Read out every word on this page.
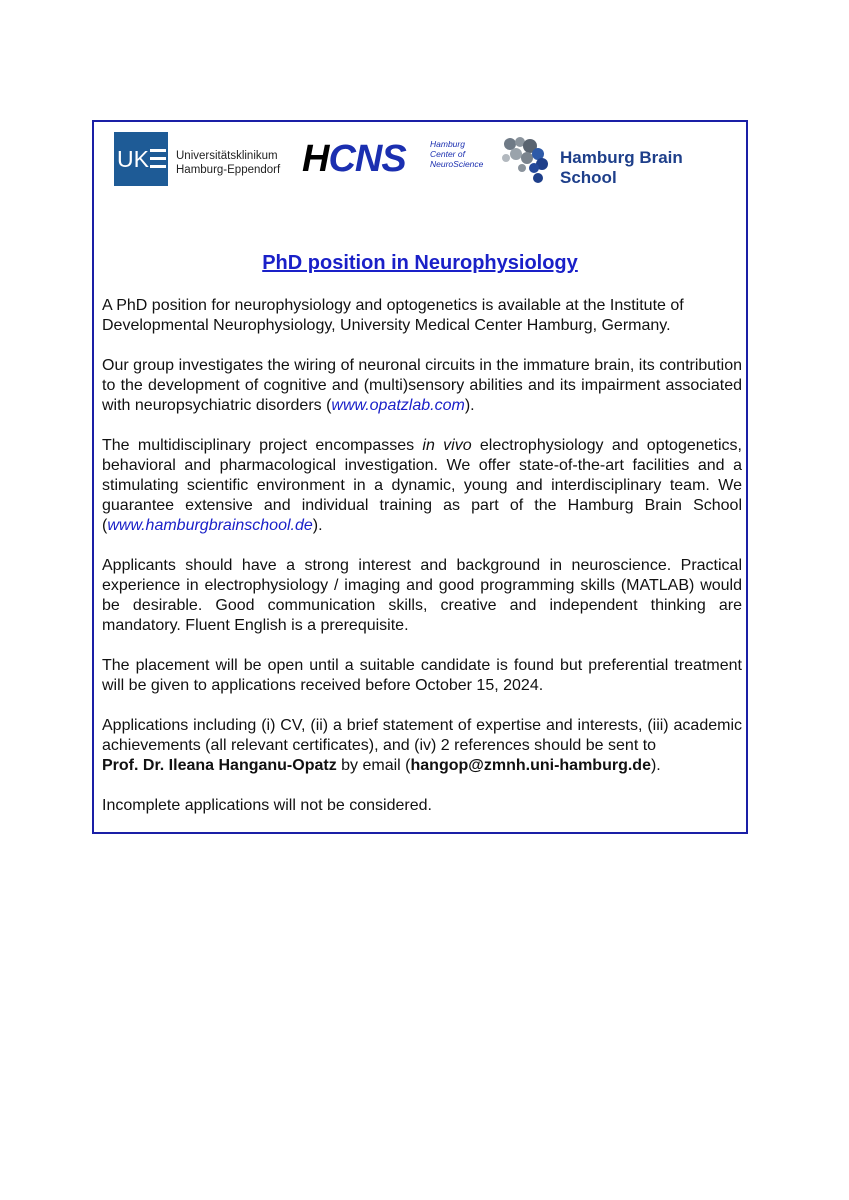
UK Universitätsklinikum
Hamburg-Eppendorf HCNS	Hamburg
Center of
NeuroScience	Hamburg Brain School
PhD position in Neurophysiology

A PhD position for neurophysiology and optogenetics is available at the Institute of Developmental Neurophysiology, University Medical Center Hamburg, Germany.

Our group investigates the wiring of neuronal circuits in the immature brain, its contribution to the development of cognitive and (multi)sensory abilities and its impairment associated with neuropsychiatric disorders (www.opatzlab.com).

The multidisciplinary project encompasses in vivo electrophysiology and optogenetics, behavioral and pharmacological investigation. We offer state-of-the-art facilities and a stimulating scientific environment in a dynamic, young and interdisciplinary team. We guarantee extensive and individual training as part of the Hamburg Brain School (www.hamburgbrainschool.de).

Applicants should have a strong interest and background in neuroscience. Practical experience in electrophysiology / imaging and good programming skills (MATLAB) would be desirable. Good communication skills, creative and independent thinking are mandatory. Fluent English is a prerequisite.

The placement will be open until a suitable candidate is found but preferential treatment will be given to applications received before October 15, 2024.

Applications including (i) CV, (ii) a brief statement of expertise and interests, (iii) academic achievements (all relevant certificates), and (iv) 2 references should be sent to
Prof. Dr. Ileana Hanganu-Opatz by email (hangop@zmnh.uni-hamburg.de).

Incomplete applications will not be considered.
